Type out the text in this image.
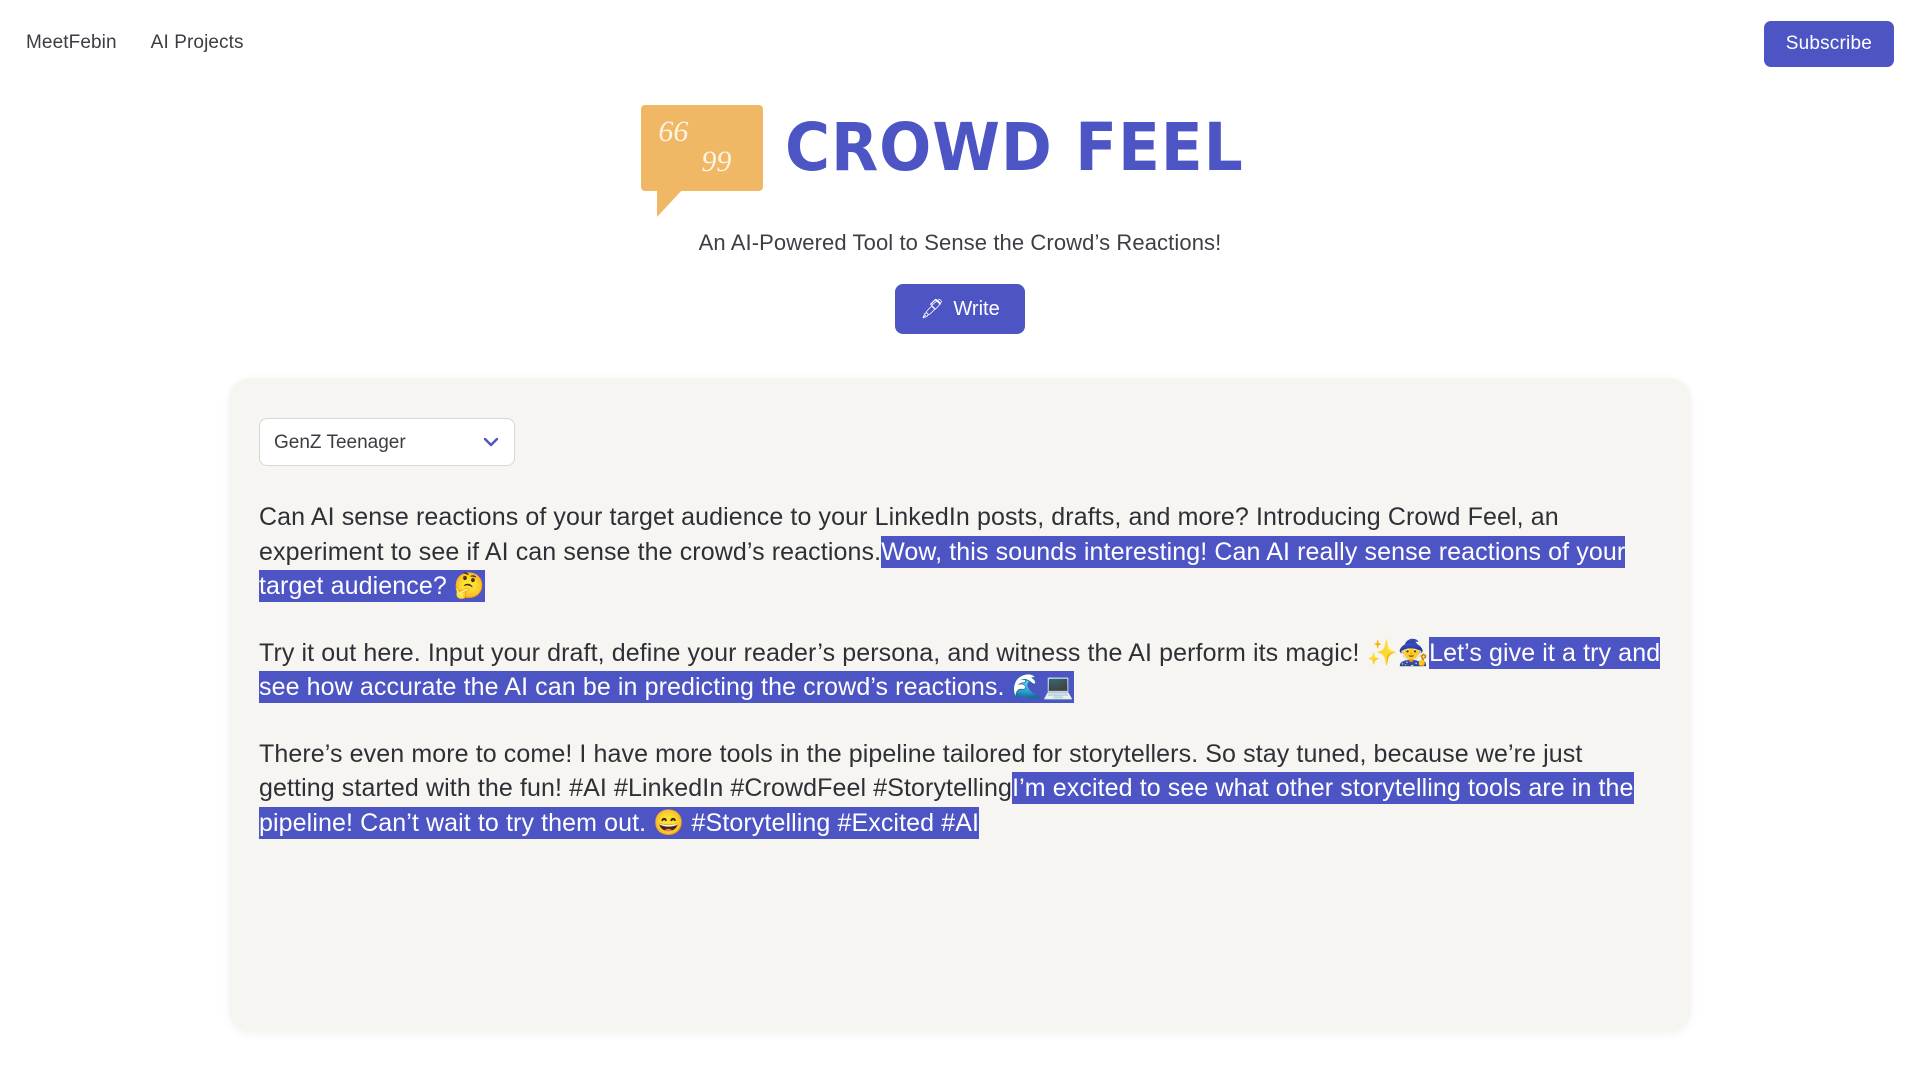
MeetFebin AI Projects	Subscribe
66
99 CROWD FEEL
An AI-Powered Tool to Sense the Crowd’s Reactions!
🖋 Write
GenZ Teenager

Can AI sense reactions of your target audience to your LinkedIn posts, drafts, and more? Introducing Crowd Feel, an experiment to see if AI can sense the crowd’s reactions.Wow, this sounds interesting! Can AI really sense reactions of your target audience? 🤔

Try it out here. Input your draft, define your reader’s persona, and witness the AI perform its magic! ✨🧙Let’s give it a try and see how accurate the AI can be in predicting the crowd’s reactions. 🌊💻

There’s even more to come! I have more tools in the pipeline tailored for storytellers. So stay tuned, because we’re just getting started with the fun! #AI #LinkedIn #CrowdFeel #StorytellingI’m excited to see what other storytelling tools are in the pipeline! Can’t wait to try them out. 😄 #Storytelling #Excited #AI
